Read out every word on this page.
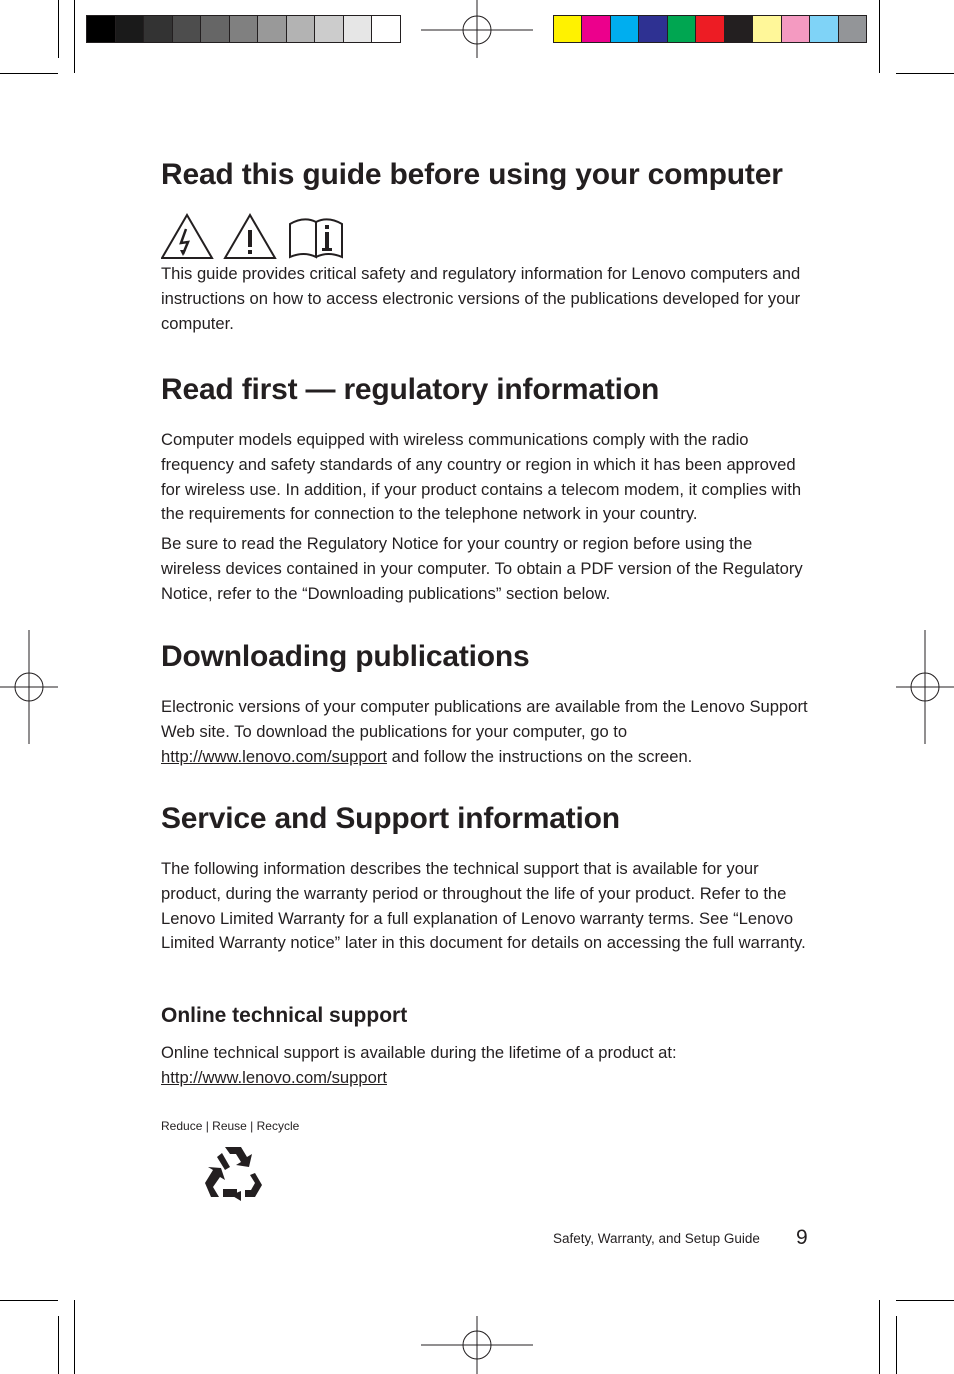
Read this guide before using your computer

This guide provides critical safety and regulatory information for Lenovo computers and instructions on how to access electronic versions of the publications developed for your computer.

Read first — regulatory information

Computer models equipped with wireless communications comply with the radio frequency and safety standards of any country or region in which it has been approved for wireless use. In addition, if your product contains a telecom modem, it complies with the requirements for connection to the telephone network in your country.

Be sure to read the Regulatory Notice for your country or region before using the wireless devices contained in your computer. To obtain a PDF version of the Regulatory Notice, refer to the “Downloading publications” section below.

Downloading publications

Electronic versions of your computer publications are available from the Lenovo Support Web site. To download the publications for your computer, go to
http://www.lenovo.com/support and follow the instructions on the screen.

Service and Support information

The following information describes the technical support that is available for your product, during the warranty period or throughout the life of your product. Refer to the Lenovo Limited Warranty for a full explanation of Lenovo warranty terms. See “Lenovo Limited Warranty notice” later in this document for details on accessing the full warranty.

Online technical support

Online technical support is available during the lifetime of a product at:
http://www.lenovo.com/support

Reduce | Reuse | Recycle
Safety, Warranty, and Setup Guide 9
